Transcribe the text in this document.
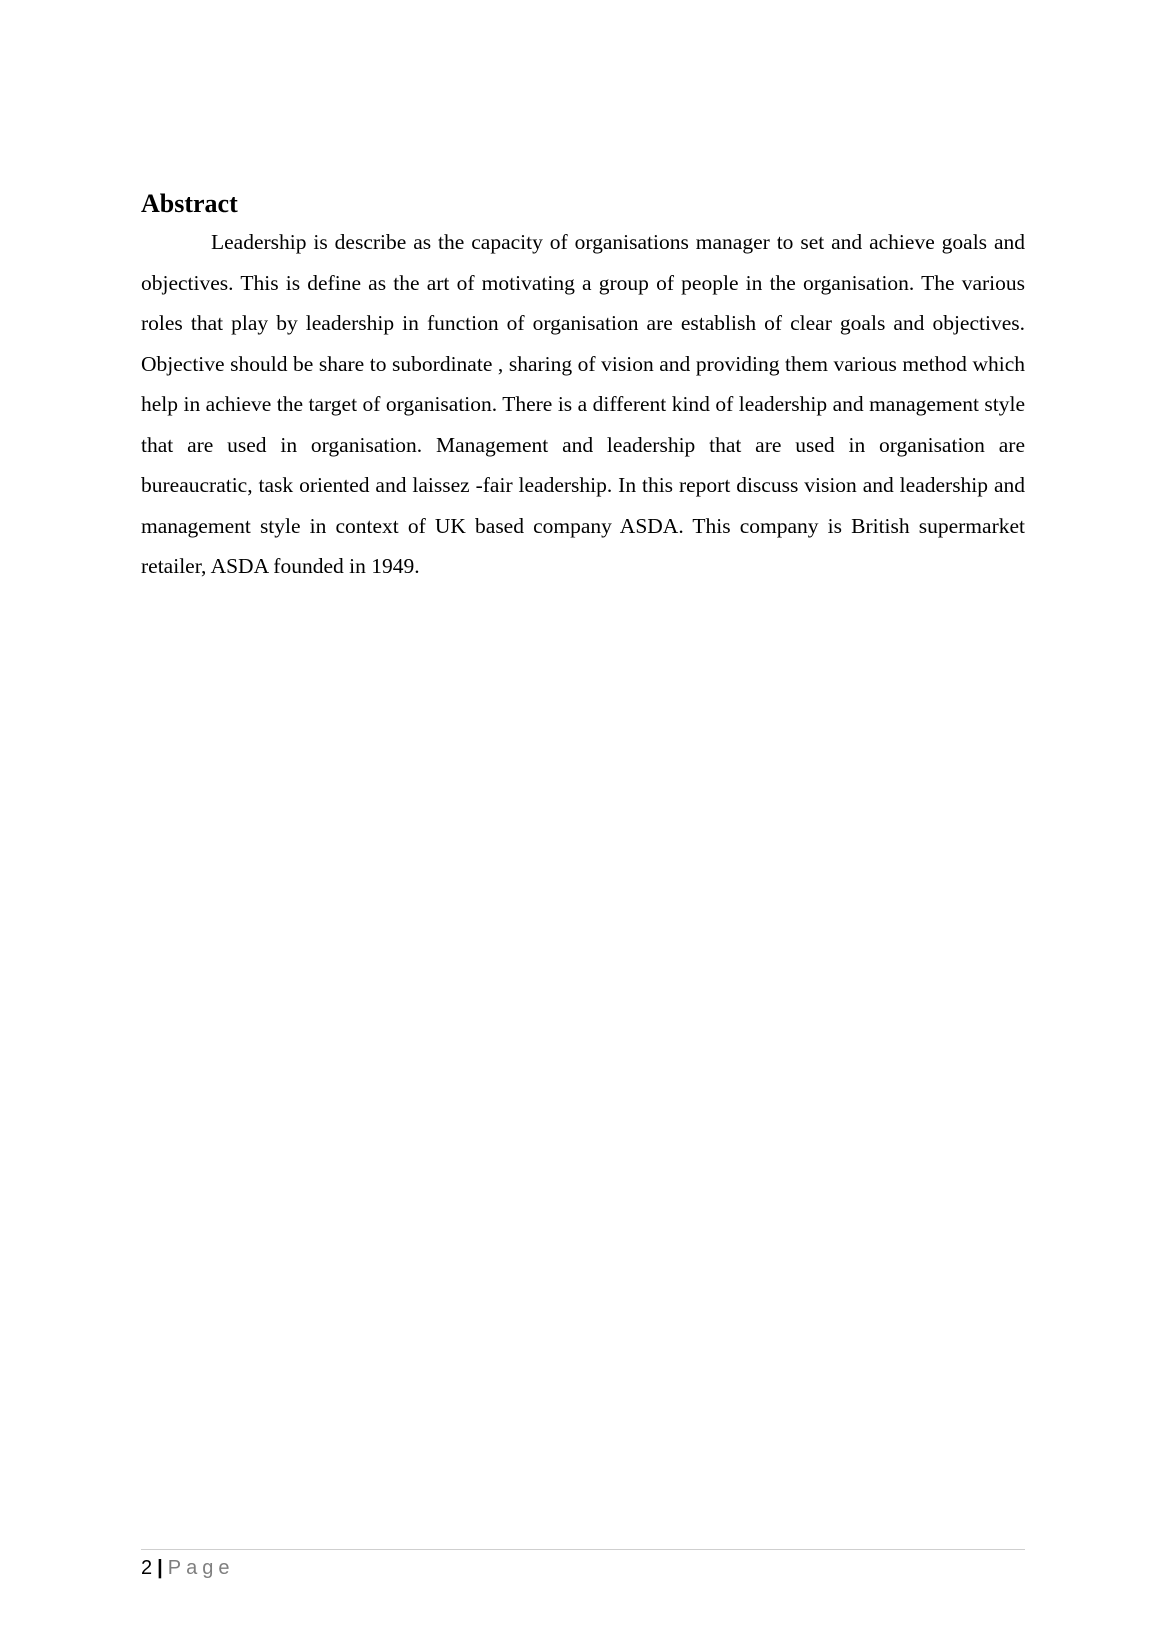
Abstract

Leadership is describe as the capacity of organisations manager to set and achieve goals and objectives. This is define as the art of motivating a group of people in the organisation. The various roles that play by leadership in function of organisation are establish of clear goals and objectives. Objective should be share to subordinate , sharing of vision and providing them various method which help in achieve the target of organisation. There is a different kind of leadership and management style that are used in organisation. Management and leadership that are used in organisation are bureaucratic, task oriented and laissez -fair leadership. In this report discuss vision and leadership and management style in context of UK based company ASDA. This company is British supermarket retailer, ASDA founded in 1949.

2 | Page
